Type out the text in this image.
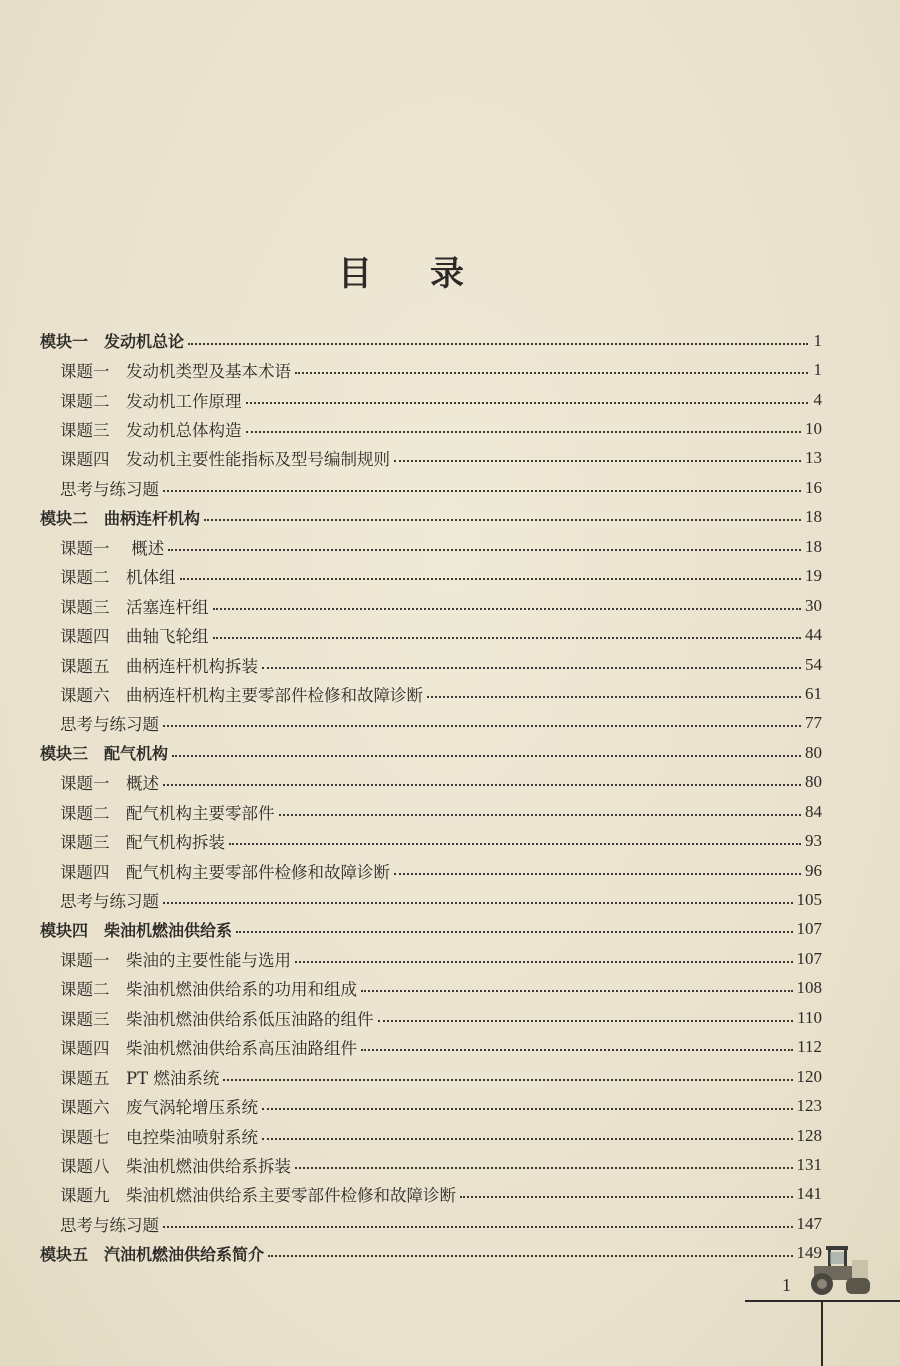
目录
模块一　发动机总论	1
课题一　发动机类型及基本术语	1
课题二　发动机工作原理	4
课题三　发动机总体构造	10
课题四　发动机主要性能指标及型号编制规则	13
思考与练习题	16
模块二　曲柄连杆机构	18
课题一　 概述	18
课题二　机体组	19
课题三　活塞连杆组	30
课题四　曲轴飞轮组	44
课题五　曲柄连杆机构拆装	54
课题六　曲柄连杆机构主要零部件检修和故障诊断	61
思考与练习题	77
模块三　配气机构	80
课题一　概述	80
课题二　配气机构主要零部件	84
课题三　配气机构拆装	93
课题四　配气机构主要零部件检修和故障诊断	96
思考与练习题	105
模块四　柴油机燃油供给系	107
课题一　柴油的主要性能与选用	107
课题二　柴油机燃油供给系的功用和组成	108
课题三　柴油机燃油供给系低压油路的组件	110
课题四　柴油机燃油供给系高压油路组件	112
课题五　PT 燃油系统	120
课题六　废气涡轮增压系统	123
课题七　电控柴油喷射系统	128
课题八　柴油机燃油供给系拆装	131
课题九　柴油机燃油供给系主要零部件检修和故障诊断	141
思考与练习题	147
模块五　汽油机燃油供给系简介	149
1
